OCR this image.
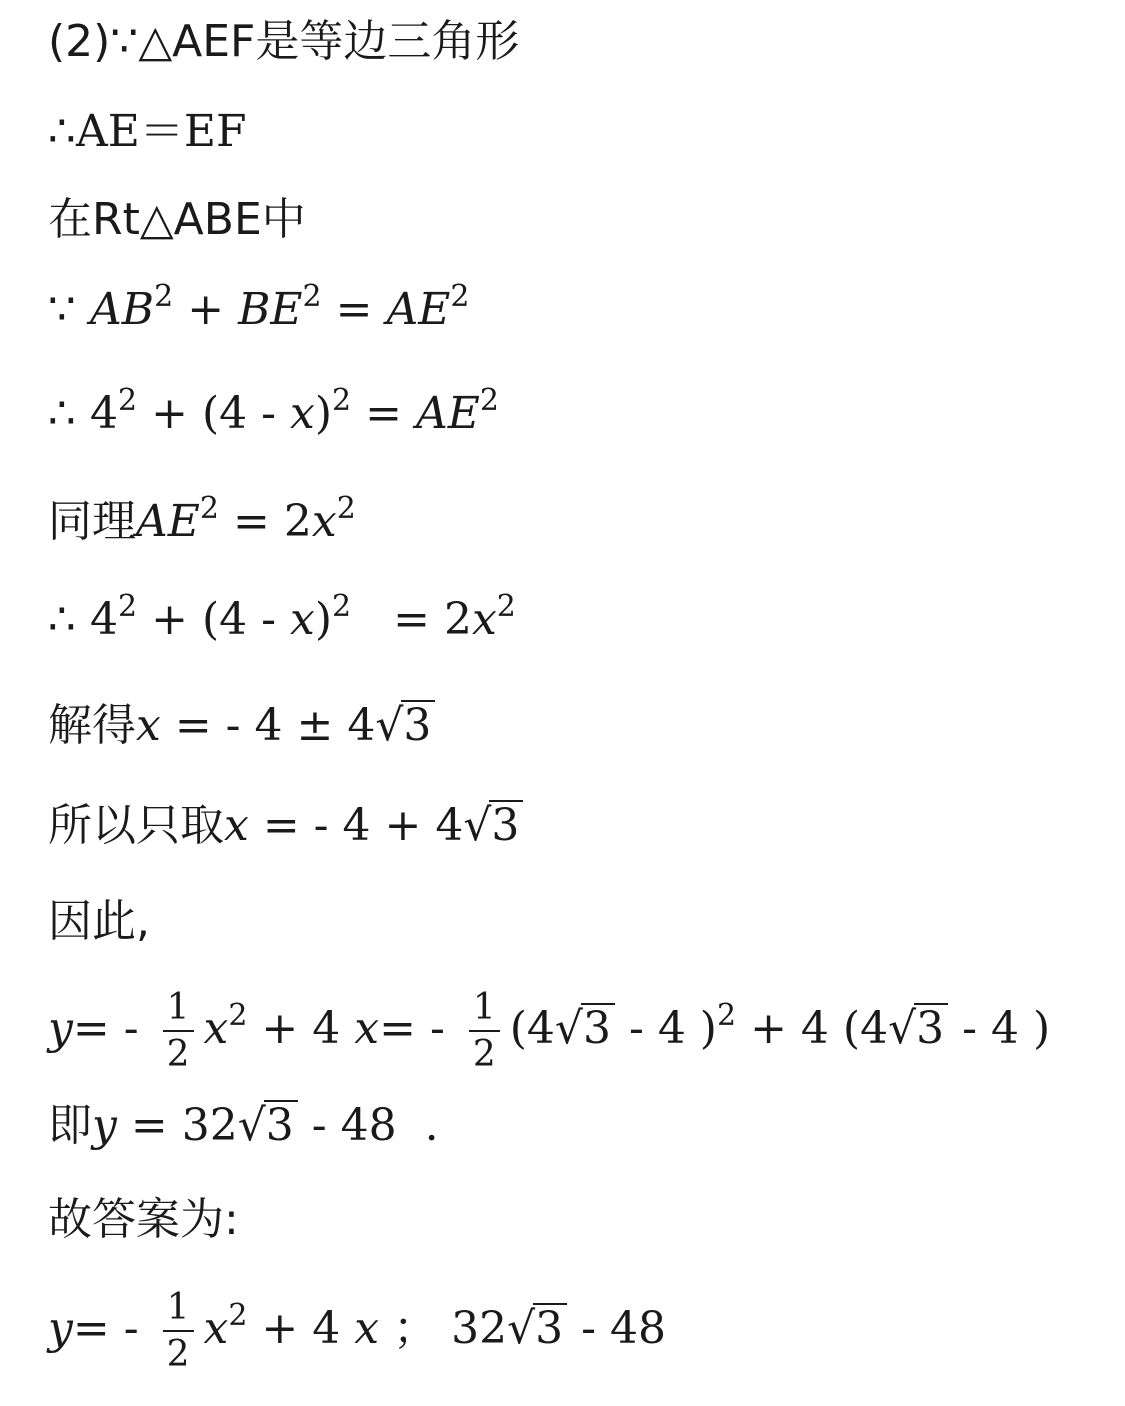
(2)∵△AEF是等边三角形
∴AE＝EF
在Rt△ABE中
∵ $AB^2 + BE^2 = AE^2$
∴ $4^2 + (4 - x)^2 = AE^2$
同理$AE^2 = 2x^2$
∴ $4^2 + (4 - x)^2 = 2x^2$
解得x = - 4 ± 4√3
所以只取x = - 4 + 4√3
因此,
$y= - \frac{1}{2} x^2 + 4$ $x= - \frac{1}{2} (4√3 - 4$ )$^2$ + 4 (4√3 - 4 )
即y = 32√3 - 48 .
故答案为:
$y= - \frac{1}{2} x^2 + 4$ x ； 32√3 - 48
